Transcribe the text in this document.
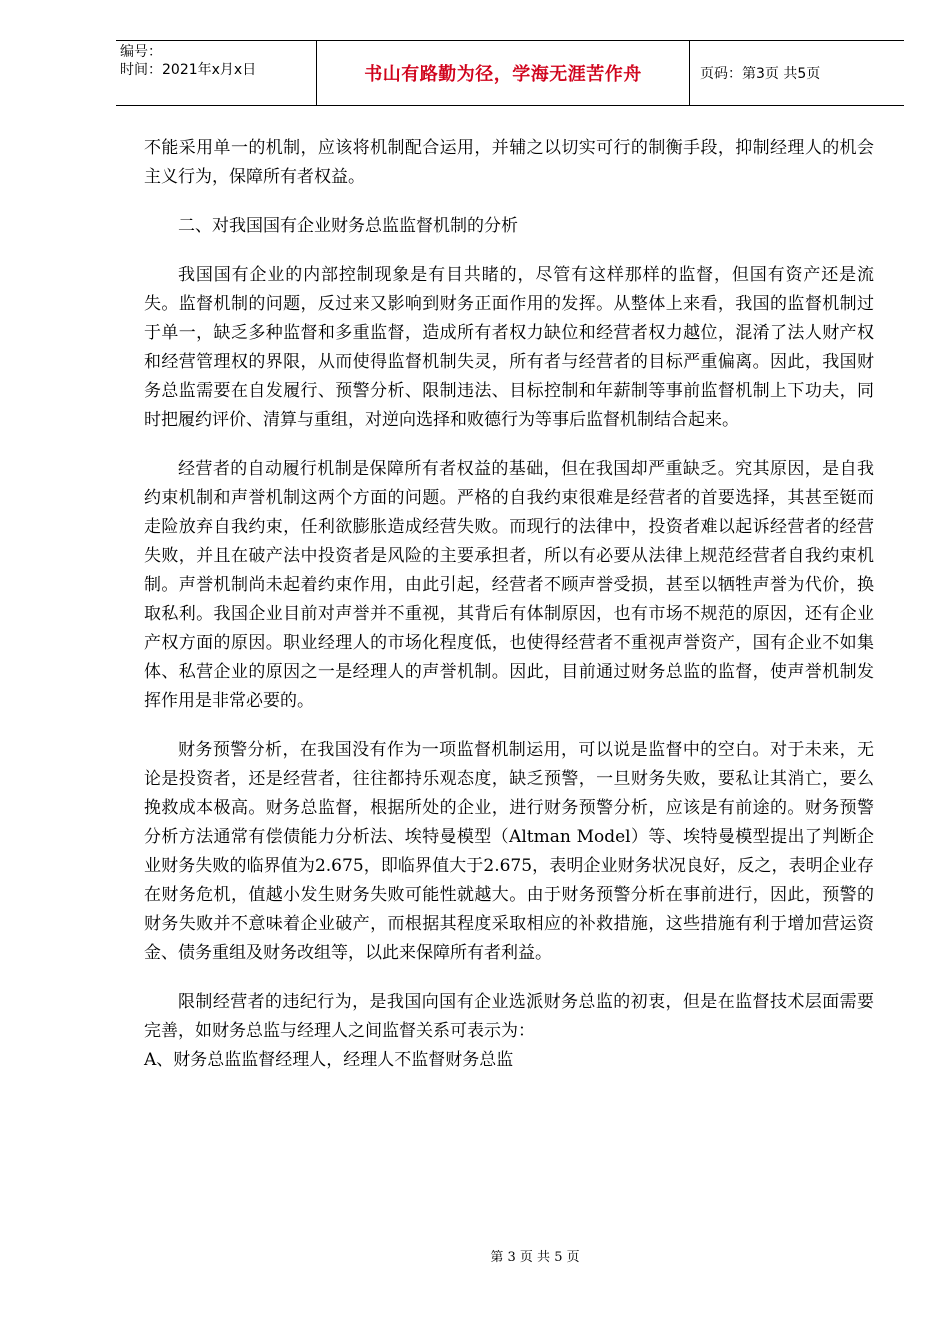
编号：
时间：2021年x月x日	书山有路勤为径，学海无涯苦作舟	页码：第3页 共5页

不能采用单一的机制，应该将机制配合运用，并辅之以切实可行的制衡手段，抑制经理人的机会主义行为，保障所有者权益。

二、对我国国有企业财务总监监督机制的分析

我国国有企业的内部控制现象是有目共睹的，尽管有这样那样的监督，但国有资产还是流失。监督机制的问题，反过来又影响到财务正面作用的发挥。从整体上来看，我国的监督机制过于单一，缺乏多种监督和多重监督，造成所有者权力缺位和经营者权力越位，混淆了法人财产权和经营管理权的界限，从而使得监督机制失灵，所有者与经营者的目标严重偏离。因此，我国财务总监需要在自发履行、预警分析、限制违法、目标控制和年薪制等事前监督机制上下功夫，同时把履约评价、清算与重组，对逆向选择和败德行为等事后监督机制结合起来。

经营者的自动履行机制是保障所有者权益的基础，但在我国却严重缺乏。究其原因，是自我约束机制和声誉机制这两个方面的问题。严格的自我约束很难是经营者的首要选择，其甚至铤而走险放弃自我约束，任利欲膨胀造成经营失败。而现行的法律中，投资者难以起诉经营者的经营失败，并且在破产法中投资者是风险的主要承担者，所以有必要从法律上规范经营者自我约束机制。声誉机制尚未起着约束作用，由此引起，经营者不顾声誉受损，甚至以牺牲声誉为代价，换取私利。我国企业目前对声誉并不重视，其背后有体制原因，也有市场不规范的原因，还有企业产权方面的原因。职业经理人的市场化程度低，也使得经营者不重视声誉资产，国有企业不如集体、私营企业的原因之一是经理人的声誉机制。因此，目前通过财务总监的监督，使声誉机制发挥作用是非常必要的。

财务预警分析，在我国没有作为一项监督机制运用，可以说是监督中的空白。对于未来，无论是投资者，还是经营者，往往都持乐观态度，缺乏预警，一旦财务失败，要私让其消亡，要么挽救成本极高。财务总监督，根据所处的企业，进行财务预警分析，应该是有前途的。财务预警分析方法通常有偿债能力分析法、埃特曼模型（Altman Model）等、埃特曼模型提出了判断企业财务失败的临界值为2.675，即临界值大于2.675，表明企业财务状况良好，反之，表明企业存在财务危机，值越小发生财务失败可能性就越大。由于财务预警分析在事前进行，因此，预警的财务失败并不意味着企业破产，而根据其程度采取相应的补救措施，这些措施有利于增加营运资金、债务重组及财务改组等，以此来保障所有者利益。

限制经营者的违纪行为，是我国向国有企业选派财务总监的初衷，但是在监督技术层面需要完善，如财务总监与经理人之间监督关系可表示为：

A、财务总监监督经理人，经理人不监督财务总监

第 3 页 共 5 页
